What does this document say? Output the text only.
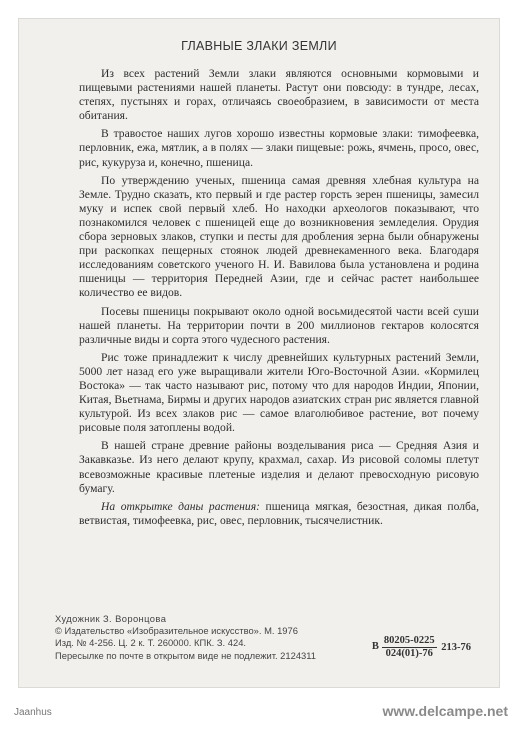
ГЛАВНЫЕ ЗЛАКИ ЗЕМЛИ

Из всех растений Земли злаки являются основными кормовыми и пищевыми растениями нашей планеты. Растут они повсюду: в тундре, лесах, степях, пустынях и горах, отличаясь своеобразием, в зависимости от места обитания.

В травостое наших лугов хорошо известны кормовые злаки: тимофеевка, перловник, ежа, мятлик, а в полях — злаки пищевые: рожь, ячмень, просо, овес, рис, кукуруза и, конечно, пшеница.

По утверждению ученых, пшеница самая древняя хлебная культура на Земле. Трудно сказать, кто первый и где растер горсть зерен пшеницы, замесил муку и испек свой первый хлеб. Но находки археологов показывают, что познакомился человек с пшеницей еще до возникновения земледелия. Орудия сбора зерновых злаков, ступки и песты для дробления зерна были обнаружены при раскопках пещерных стоянок людей древнекаменного века. Благодаря исследованиям советского ученого Н. И. Вавилова была установлена и родина пшеницы — территория Передней Азии, где и сейчас растет наибольшее количество ее видов.

Посевы пшеницы покрывают около одной восьмидесятой части всей суши нашей планеты. На территории почти в 200 миллионов гектаров колосятся различные виды и сорта этого чудесного растения.

Рис тоже принадлежит к числу древнейших культурных растений Земли, 5000 лет назад его уже выращивали жители Юго-Восточной Азии. «Кормилец Востока» — так часто называют рис, потому что для народов Индии, Японии, Китая, Вьетнама, Бирмы и других народов азиатских стран рис является главной культурой. Из всех злаков рис — самое влаголюбивое растение, вот почему рисовые поля затоплены водой.

В нашей стране древние районы возделывания риса — Средняя Азия и Закавказье. Из него делают крупу, крахмал, сахар. Из рисовой соломы плетут всевозможные красивые плетеные изделия и делают превосходную рисовую бумагу.

На открытке даны растения: пшеница мягкая, безостная, дикая полба, ветвистая, тимофеевка, рис, овес, перловник, тысячелистник.

Художник З. Воронцова
© Издательство «Изобразительное искусство». М. 1976
Изд. № 4-256. Ц. 2 к. Т. 260000. КПК. З. 424.
Пересылке по почте в открытом виде не подлежит. 2124311
В $\frac{80205-0225}{024(01)-76} 213-76$
Jaanhus	www.delcampe.net
